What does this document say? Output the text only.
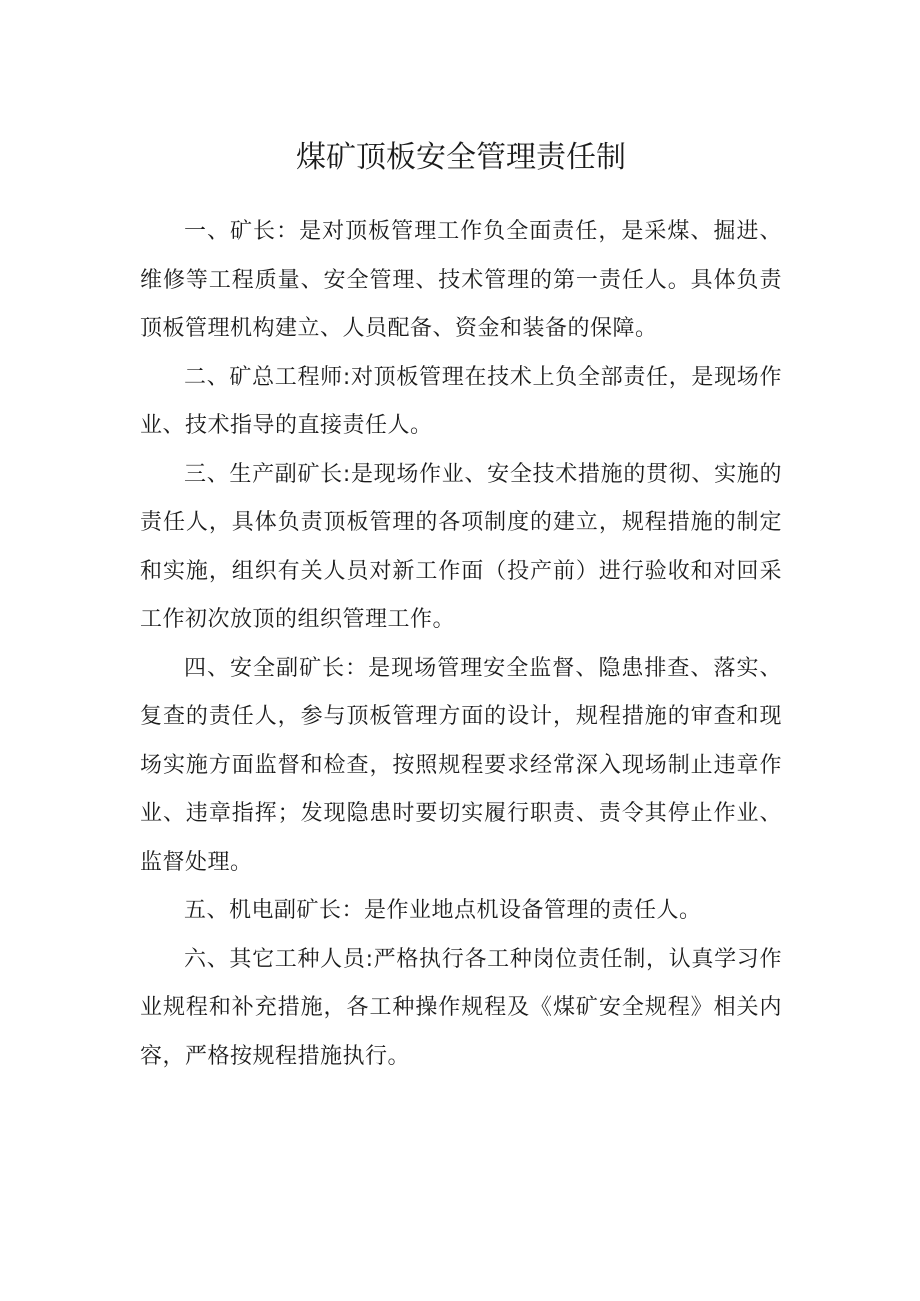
煤矿顶板安全管理责任制

一、矿长：是对顶板管理工作负全面责任，是采煤、掘进、维修等工程质量、安全管理、技术管理的第一责任人。具体负责顶板管理机构建立、人员配备、资金和装备的保障。

二、矿总工程师:对顶板管理在技术上负全部责任，是现场作业、技术指导的直接责任人。

三、生产副矿长:是现场作业、安全技术措施的贯彻、实施的责任人，具体负责顶板管理的各项制度的建立，规程措施的制定和实施，组织有关人员对新工作面（投产前）进行验收和对回采工作初次放顶的组织管理工作。

四、安全副矿长：是现场管理安全监督、隐患排查、落实、复查的责任人，参与顶板管理方面的设计，规程措施的审查和现场实施方面监督和检查，按照规程要求经常深入现场制止违章作业、违章指挥；发现隐患时要切实履行职责、责令其停止作业、监督处理。

五、机电副矿长：是作业地点机设备管理的责任人。

六、其它工种人员:严格执行各工种岗位责任制，认真学习作业规程和补充措施，各工种操作规程及《煤矿安全规程》相关内容，严格按规程措施执行。
